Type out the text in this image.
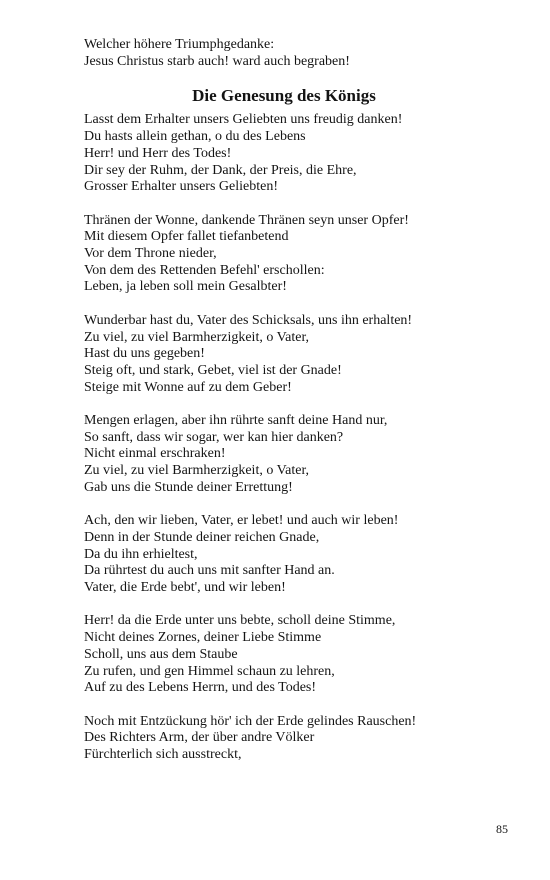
Welcher höhere Triumphgedanke:
Jesus Christus starb auch! ward auch begraben!
Die Genesung des Königs
Lasst dem Erhalter unsers Geliebten uns freudig danken!
Du hasts allein gethan, o du des Lebens
Herr! und Herr des Todes!
Dir sey der Ruhm, der Dank, der Preis, die Ehre,
Grosser Erhalter unsers Geliebten!
Thränen der Wonne, dankende Thränen seyn unser Opfer!
Mit diesem Opfer fallet tiefanbetend
Vor dem Throne nieder,
Von dem des Rettenden Befehl' erschollen:
Leben, ja leben soll mein Gesalbter!
Wunderbar hast du, Vater des Schicksals, uns ihn erhalten!
Zu viel, zu viel Barmherzigkeit, o Vater,
Hast du uns gegeben!
Steig oft, und stark, Gebet, viel ist der Gnade!
Steige mit Wonne auf zu dem Geber!
Mengen erlagen, aber ihn rührte sanft deine Hand nur,
So sanft, dass wir sogar, wer kan hier danken?
Nicht einmal erschraken!
Zu viel, zu viel Barmherzigkeit, o Vater,
Gab uns die Stunde deiner Errettung!
Ach, den wir lieben, Vater, er lebet! und auch wir leben!
Denn in der Stunde deiner reichen Gnade,
Da du ihn erhieltest,
Da rührtest du auch uns mit sanfter Hand an.
Vater, die Erde bebt', und wir leben!
Herr! da die Erde unter uns bebte, scholl deine Stimme,
Nicht deines Zornes, deiner Liebe Stimme
Scholl, uns aus dem Staube
Zu rufen, und gen Himmel schaun zu lehren,
Auf zu des Lebens Herrn, und des Todes!
Noch mit Entzückung hör' ich der Erde gelindes Rauschen!
Des Richters Arm, der über andre Völker
Fürchterlich sich ausstreckt,
85
